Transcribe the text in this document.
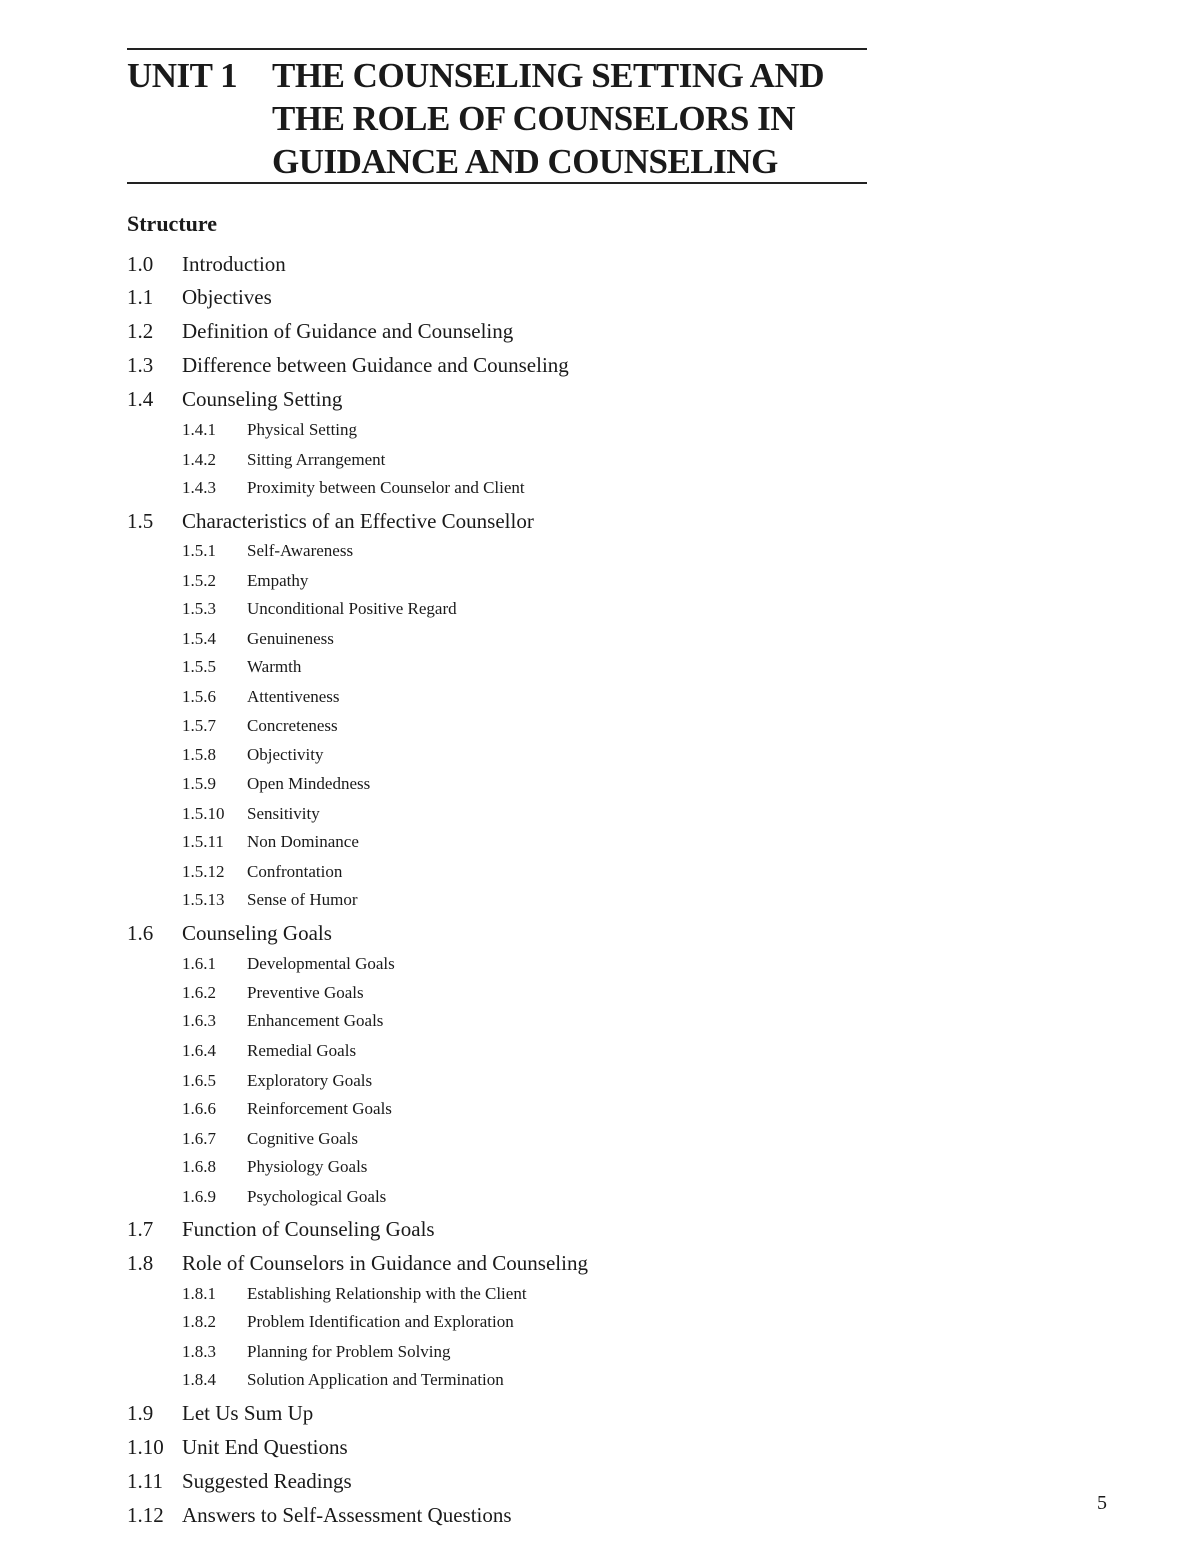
UNIT 1 THE COUNSELING SETTING AND
THE ROLE OF COUNSELORS IN
GUIDANCE AND COUNSELING
Structure
1.0 Introduction
1.1 Objectives
1.2 Definition of Guidance and Counseling
1.3 Difference between Guidance and Counseling
1.4 Counseling Setting
1.4.1 Physical Setting
1.4.2 Sitting Arrangement
1.4.3 Proximity between Counselor and Client
1.5 Characteristics of an Effective Counsellor
1.5.1 Self-Awareness
1.5.2 Empathy
1.5.3 Unconditional Positive Regard
1.5.4 Genuineness
1.5.5 Warmth
1.5.6 Attentiveness
1.5.7 Concreteness
1.5.8 Objectivity
1.5.9 Open Mindedness
1.5.10 Sensitivity
1.5.11 Non Dominance
1.5.12 Confrontation
1.5.13 Sense of Humor
1.6 Counseling Goals
1.6.1 Developmental Goals
1.6.2 Preventive Goals
1.6.3 Enhancement Goals
1.6.4 Remedial Goals
1.6.5 Exploratory Goals
1.6.6 Reinforcement Goals
1.6.7 Cognitive Goals
1.6.8 Physiology Goals
1.6.9 Psychological Goals
1.7 Function of Counseling Goals
1.8 Role of Counselors in Guidance and Counseling
1.8.1 Establishing Relationship with the Client
1.8.2 Problem Identification and Exploration
1.8.3 Planning for Problem Solving
1.8.4 Solution Application and Termination
1.9 Let Us Sum Up
1.10 Unit End Questions
1.11 Suggested Readings
1.12 Answers to Self-Assessment Questions	5
